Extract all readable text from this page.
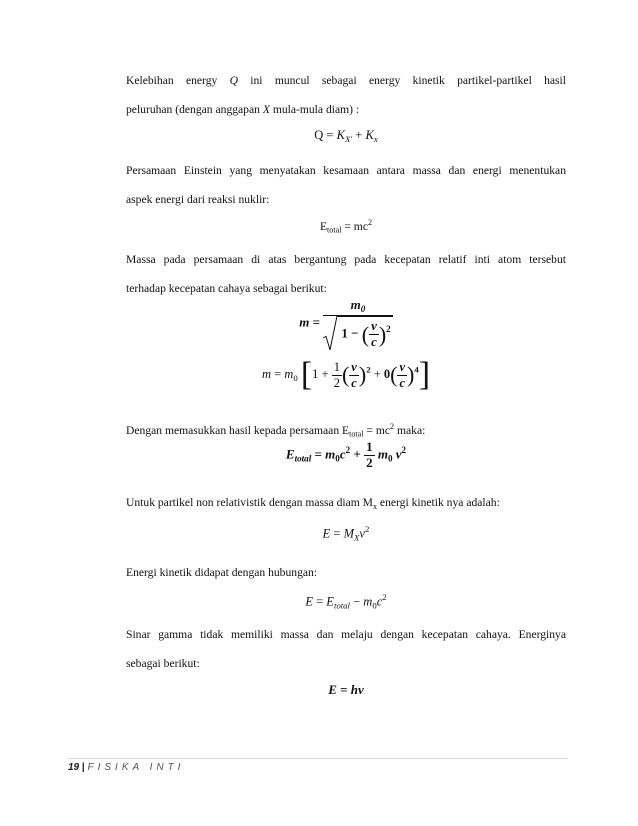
Kelebihan energy Q ini muncul sebagai energy kinetik partikel-partikel hasil
peluruhan (dengan anggapan X mula-mula diam) :
$Q = K_{X'} + K_x$
Persamaan Einstein yang menyatakan kesamaan antara massa dan energi menentukan
aspek energi dari reaksi nuklir:
$E_{total} = mc^2$
Massa pada persamaan di atas bergantung pada kecepatan relatif inti atom tersebut
terhadap kecepatan cahaya sebagai berikut:
$m = \frac{m_0}{1 - ( \frac{v}{c} )^2}$
$m = m_0$ [$1 + \frac{1}{2}$ ( $\frac{v}{c} )^2 + 0( \frac{v}{c} )^4$]
Dengan memasukkan hasil kepada persamaan $E_{total} = mc^2$ maka:
$E_{total} = m_0c^2 + \frac{1}{2} m_0$ $v^2$
Untuk partikel non relativistik dengan massa diam $M_x$ energi kinetik nya adalah:
$E = M_Xv^2$
Energi kinetik didapat dengan hubungan:
$E = E_{total} - m_0c^2$
Sinar gamma tidak memiliki massa dan melaju dengan kecepatan cahaya. Energinya
sebagai berikut:
E = hv
19 | FISIKA INTI
